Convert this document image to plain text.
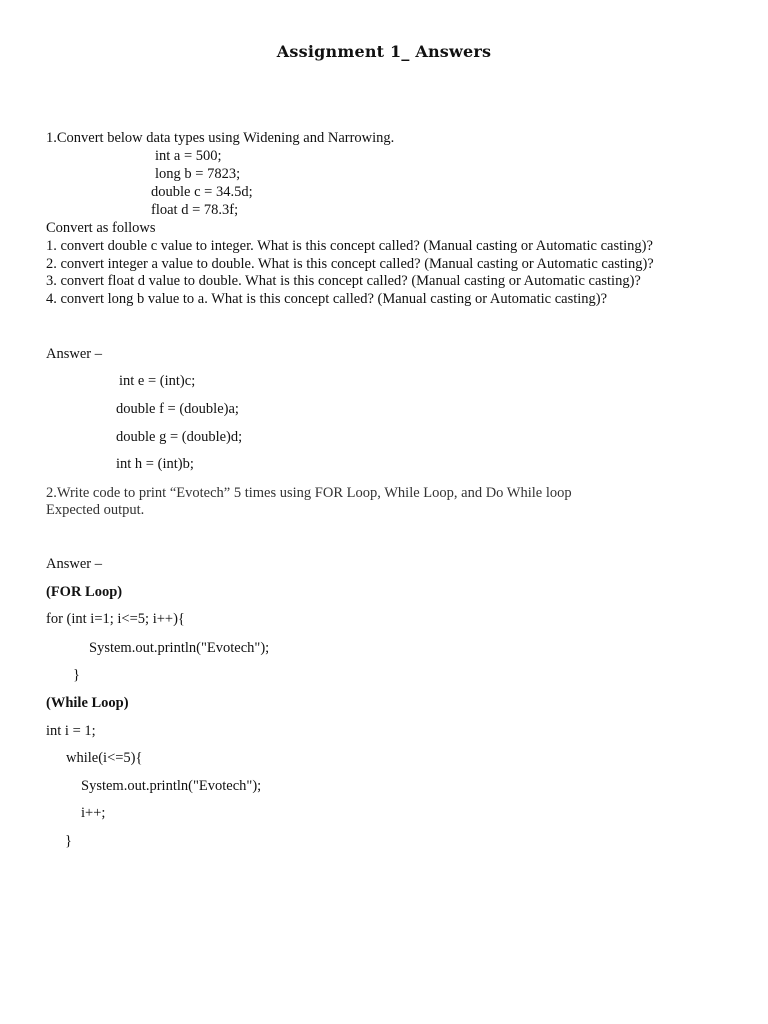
Assignment 1_ Answers
1.Convert below data types using Widening and Narrowing.
int a = 500;
long b = 7823;
double c = 34.5d;
float d = 78.3f;
Convert as follows
1. convert double c value to integer. What is this concept called? (Manual casting or Automatic casting)?
2. convert integer a value to double. What is this concept called? (Manual casting or Automatic casting)?
3. convert float d value to double. What is this concept called? (Manual casting or Automatic casting)?
4. convert long b value to a. What is this concept called? (Manual casting or Automatic casting)?
Answer –
int e = (int)c;
double f = (double)a;
double g = (double)d;
int h = (int)b;
2.Write code to print “Evotech” 5 times using FOR Loop, While Loop, and Do While loop
Expected output.
Answer –
(FOR Loop)
for (int i=1; i<=5; i++){
System.out.println("Evotech");
}
(While Loop)
int i = 1;
while(i<=5){
System.out.println("Evotech");
i++;
}
